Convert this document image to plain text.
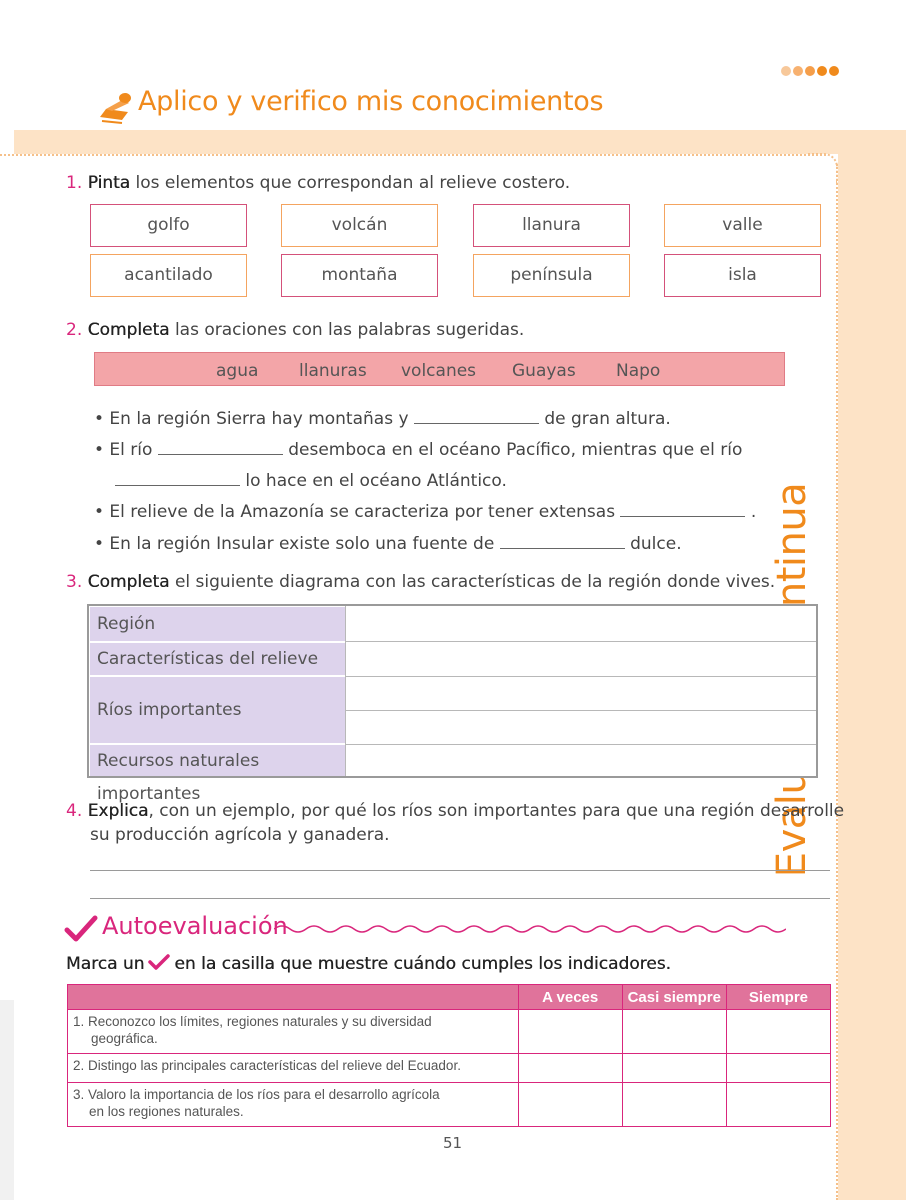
Aplico y verifico mis conocimientos
1. Pinta los elementos que correspondan al relieve costero.
golfo	volcán	llanura	valle
acantilado	montaña	península	isla
2. Completa las oraciones con las palabras sugeridas.
agua llanuras volcanes Guayas Napo
• En la región Sierra hay montañas y	de gran altura.
• El río	desemboca en el océano Pacífico, mientras que el río
lo hace en el océano Atlántico.
• El relieve de la Amazonía se caracteriza por tener extensas	.
• En la región Insular existe solo una fuente de	dulce.
3. Completa el siguiente diagrama con las características de la región donde vives.
Región
Características del relieve
Ríos importantes
Recursos naturales importantes
4. Explica, con un ejemplo, por qué los ríos son importantes para que una región desarrolle
su producción agrícola y ganadera.
Autoevaluación
Marca un en la casilla que muestre cuándo cumples los indicadores.
	A veces	Casi siempre	Siempre

1. Reconozco los límites, regiones naturales y su diversidad
geográfica.			

2. Distingo las principales características del relieve del Ecuador.			

3. Valoro la importancia de los ríos para el desarrollo agrícola
en los regiones naturales.			

51
